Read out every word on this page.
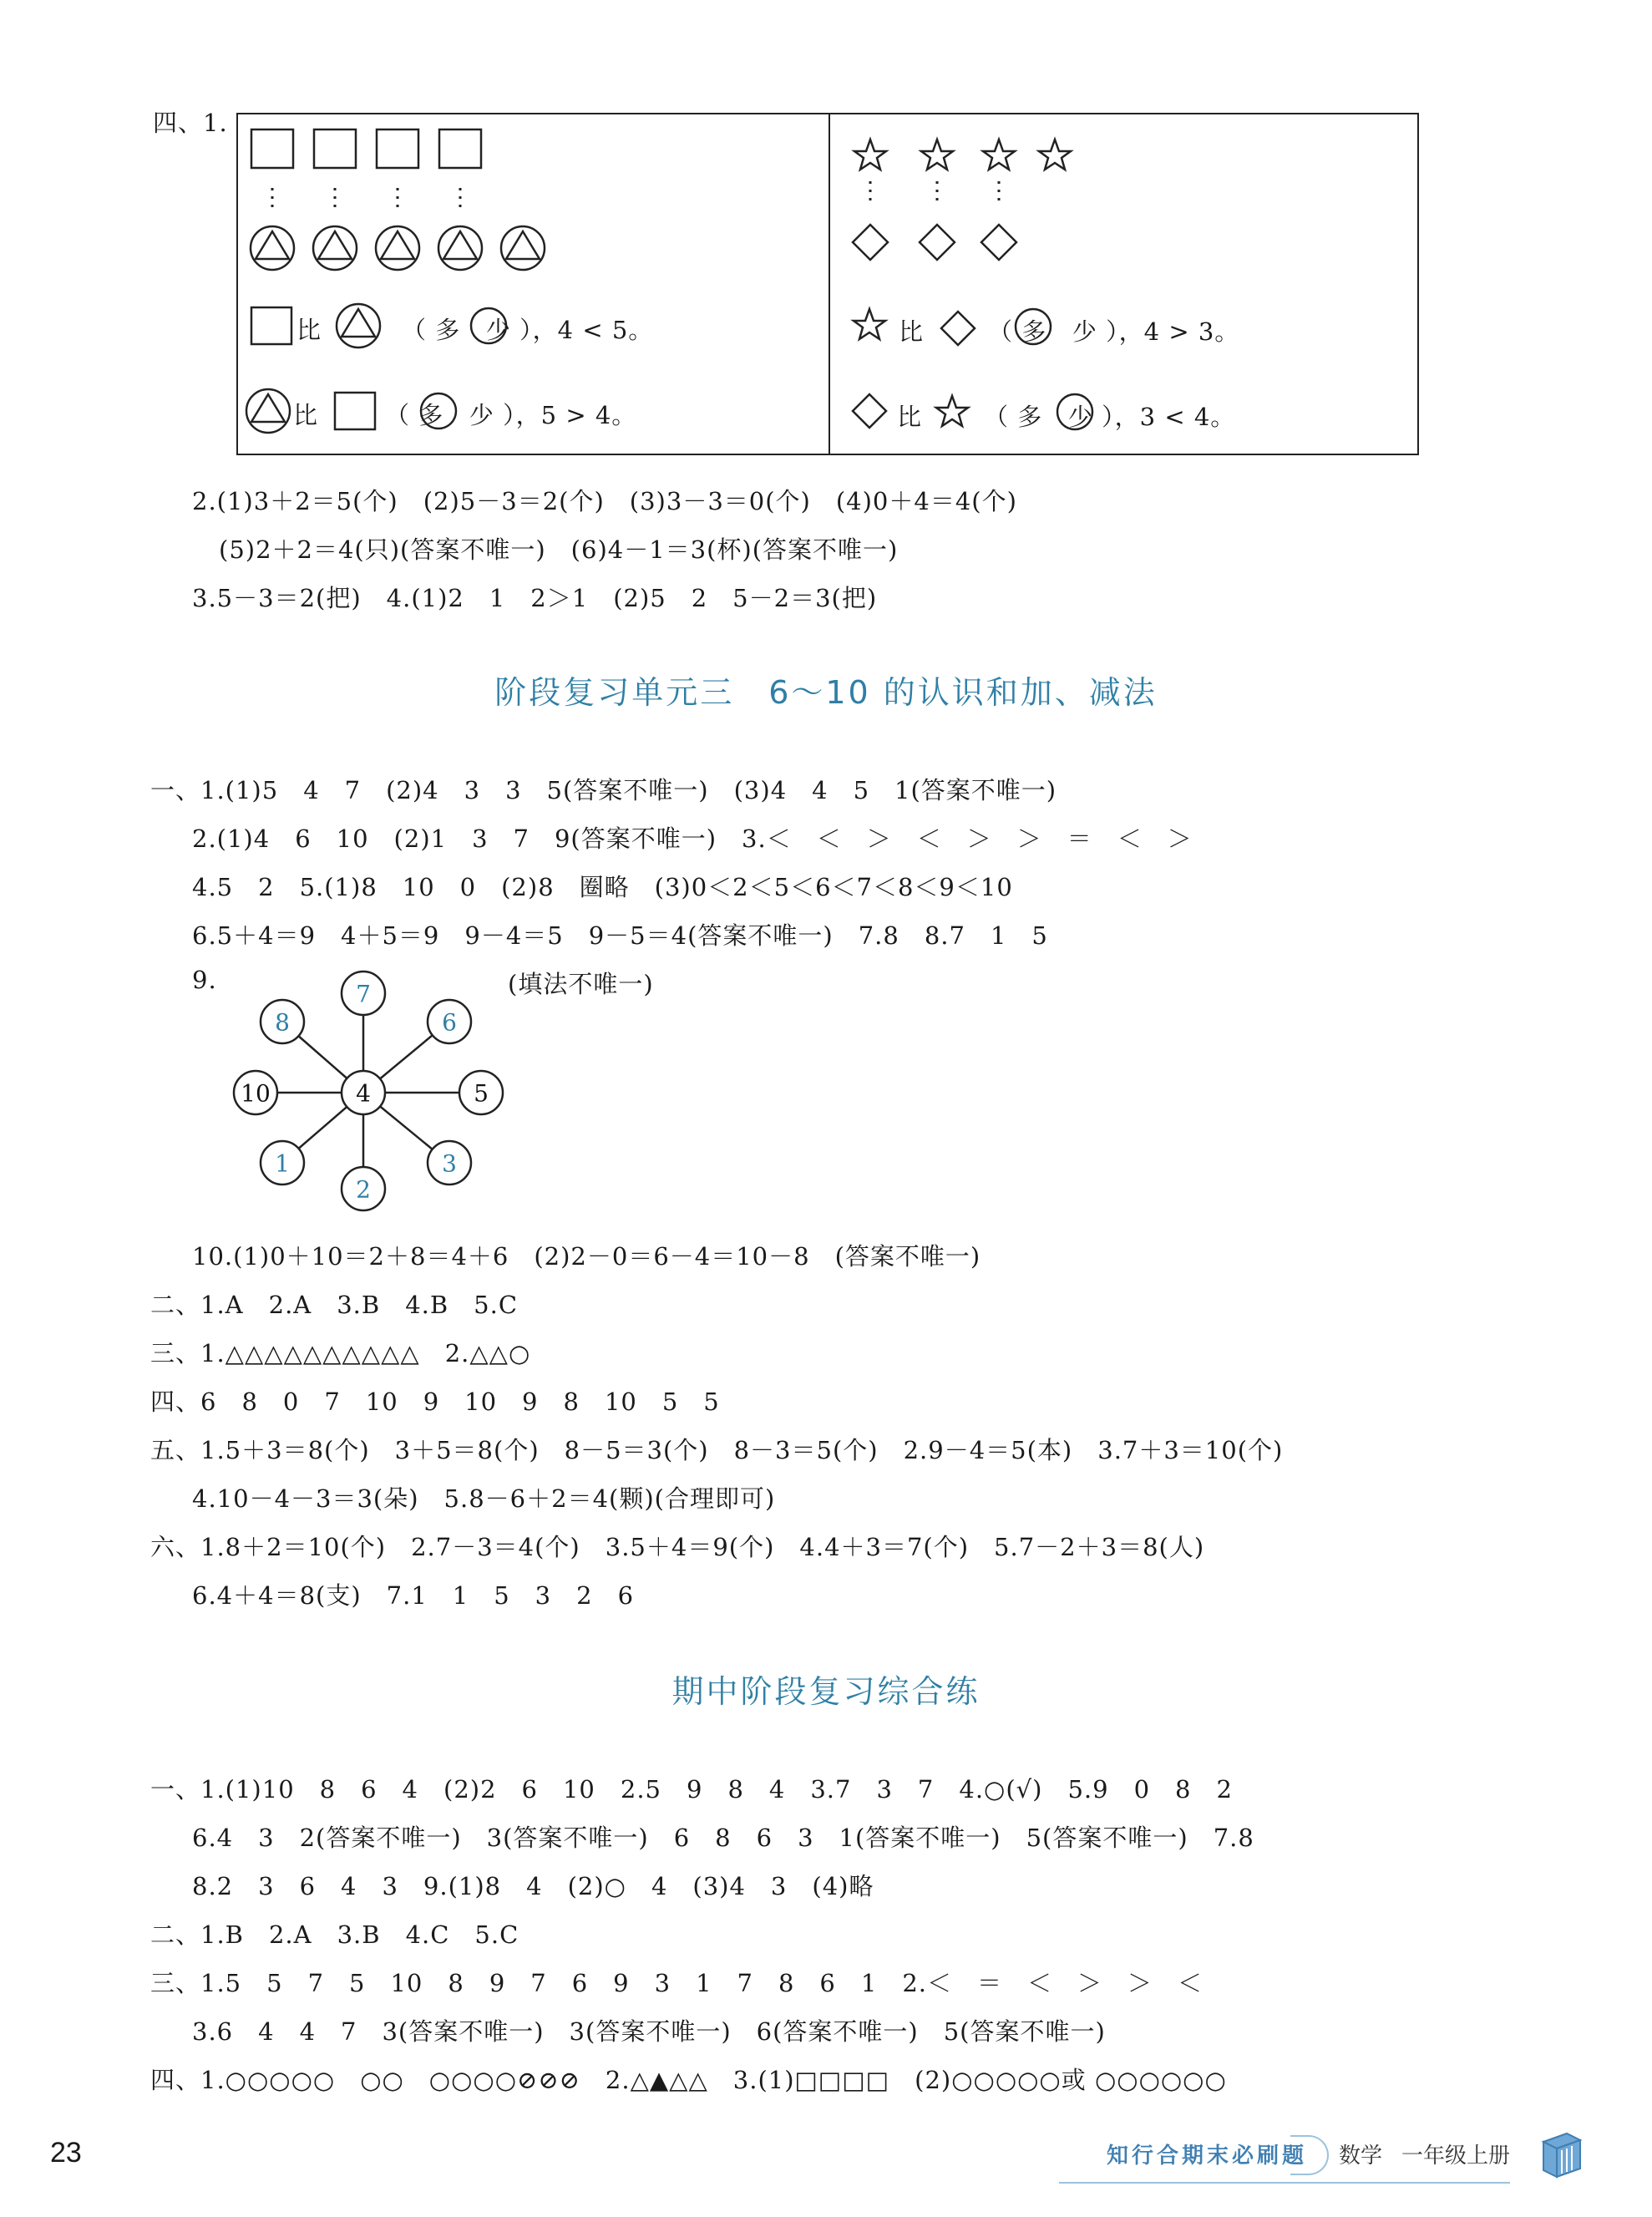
四、1.
比	（ 多 少 ），4 < 5。
比	（ 多 少 ），5 > 4。
比	（ 多 少 ），4 > 3。
比	（ 多 少 ），3 < 4。
2.(1)3＋2＝5(个)　(2)5－3＝2(个)　(3)3－3＝0(个)　(4)0＋4＝4(个)
(5)2＋2＝4(只)(答案不唯一)　(6)4－1＝3(杯)(答案不唯一)
3.5－3＝2(把)　4.(1)2　1　2＞1　(2)5　2　5－2＝3(把)
阶段复习单元三　6～10 的认识和加、减法
一、1.(1)5　4　7　(2)4　3　3　5(答案不唯一)　(3)4　4　5　1(答案不唯一)
2.(1)4　6　10　(2)1　3　7　9(答案不唯一)　3.＜　＜　＞　＜　＞　＞　＝　＜　＞
4.5　2　5.(1)8　10　0　(2)8　圈略　(3)0＜2＜5＜6＜7＜8＜9＜10
6.5＋4＝9　4＋5＝9　9－4＝5　9－5＝4(答案不唯一)　7.8　8.7　1　5
9.	(填法不唯一)
4
7
6
5
3
2
1
10
8
10.(1)0＋10＝2＋8＝4＋6　(2)2－0＝6－4＝10－8　(答案不唯一)
二、1.A　2.A　3.B　4.B　5.C
三、1.△△△△△△△△△△　2.△△○
四、6　8　0　7　10　9　10　9　8　10　5　5
五、1.5＋3＝8(个)　3＋5＝8(个)　8－5＝3(个)　8－3＝5(个)　2.9－4＝5(本)　3.7＋3＝10(个)
4.10－4－3＝3(朵)　5.8－6＋2＝4(颗)(合理即可)
六、1.8＋2＝10(个)　2.7－3＝4(个)　3.5＋4＝9(个)　4.4＋3＝7(个)　5.7－2＋3＝8(人)
6.4＋4＝8(支)　7.1　1　5　3　2　6
期中阶段复习综合练
一、1.(1)10　8　6　4　(2)2　6　10　2.5　9　8　4　3.7　3　7　4.○(√)　5.9　0　8　2
6.4　3　2(答案不唯一)　3(答案不唯一)　6　8　6　3　1(答案不唯一)　5(答案不唯一)　7.8
8.2　3　6　4　3　9.(1)8　4　(2)○　4　(3)4　3　(4)略
二、1.B　2.A　3.B　4.C　5.C
三、1.5　5　7　5　10　8　9　7　6　9　3　1　7　8　6　1　2.＜　＝　＜　＞　＞　＜
3.6　4　4　7　3(答案不唯一)　3(答案不唯一)　6(答案不唯一)　5(答案不唯一)
四、1.○○○○○　○○　○○○○⊘⊘⊘　2.△▲△△　3.(1)□□□□　(2)○○○○○或 ○○○○○○
23	知行合期末必刷题 数学 一年级上册
